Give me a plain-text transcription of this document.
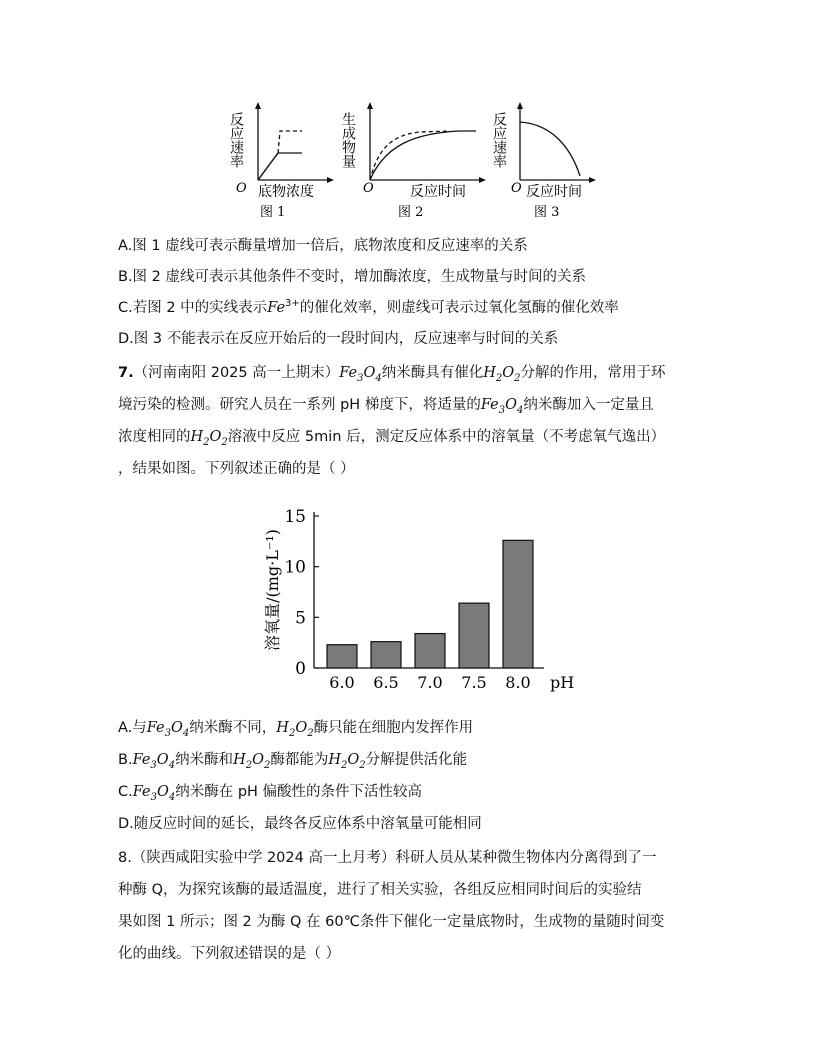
O
反应速率
底物浓度
图 1
O
生成物量
反应时间
图 2
O
反应速率
反应时间
图 3
A.图 1 虚线可表示酶量增加一倍后，底物浓度和反应速率的关系
B.图 2 虚线可表示其他条件不变时，增加酶浓度，生成物量与时间的关系
C.若图 2 中的实线表示$Fe^{3+}$的催化效率，则虚线可表示过氧化氢酶的催化效率
D.图 3 不能表示在反应开始后的一段时间内，反应速率与时间的关系
7.（河南南阳 2025 高一上期末）$Fe_3O_4$纳米酶具有催化$H_2O_2$分解的作用，常用于环
境污染的检测。研究人员在一系列 pH 梯度下，将适量的$Fe_3O_4$纳米酶加入一定量且
浓度相同的$H_2O_2$溶液中反应 5min 后，测定反应体系中的溶氧量（不考虑氧气逸出）
，结果如图。下列叙述正确的是（ ）
0
5
10
15
6.0 6.5 7.0 7.5 8.0 pH
溶氧量/(mg·L⁻¹)
A.与$Fe_3O_4$纳米酶不同，$H_2O_2$酶只能在细胞内发挥作用
$B.Fe_3O_4$纳米酶和$H_2O_2$酶都能为$H_2O_2$分解提供活化能
$C.Fe_3O_4$纳米酶在 pH 偏酸性的条件下活性较高
D.随反应时间的延长，最终各反应体系中溶氧量可能相同
8.（陕西咸阳实验中学 2024 高一上月考）科研人员从某种微生物体内分离得到了一
种酶 Q，为探究该酶的最适温度，进行了相关实验，各组反应相同时间后的实验结
果如图 1 所示；图 2 为酶 Q 在 60℃条件下催化一定量底物时，生成物的量随时间变
化的曲线。下列叙述错误的是（ ）
